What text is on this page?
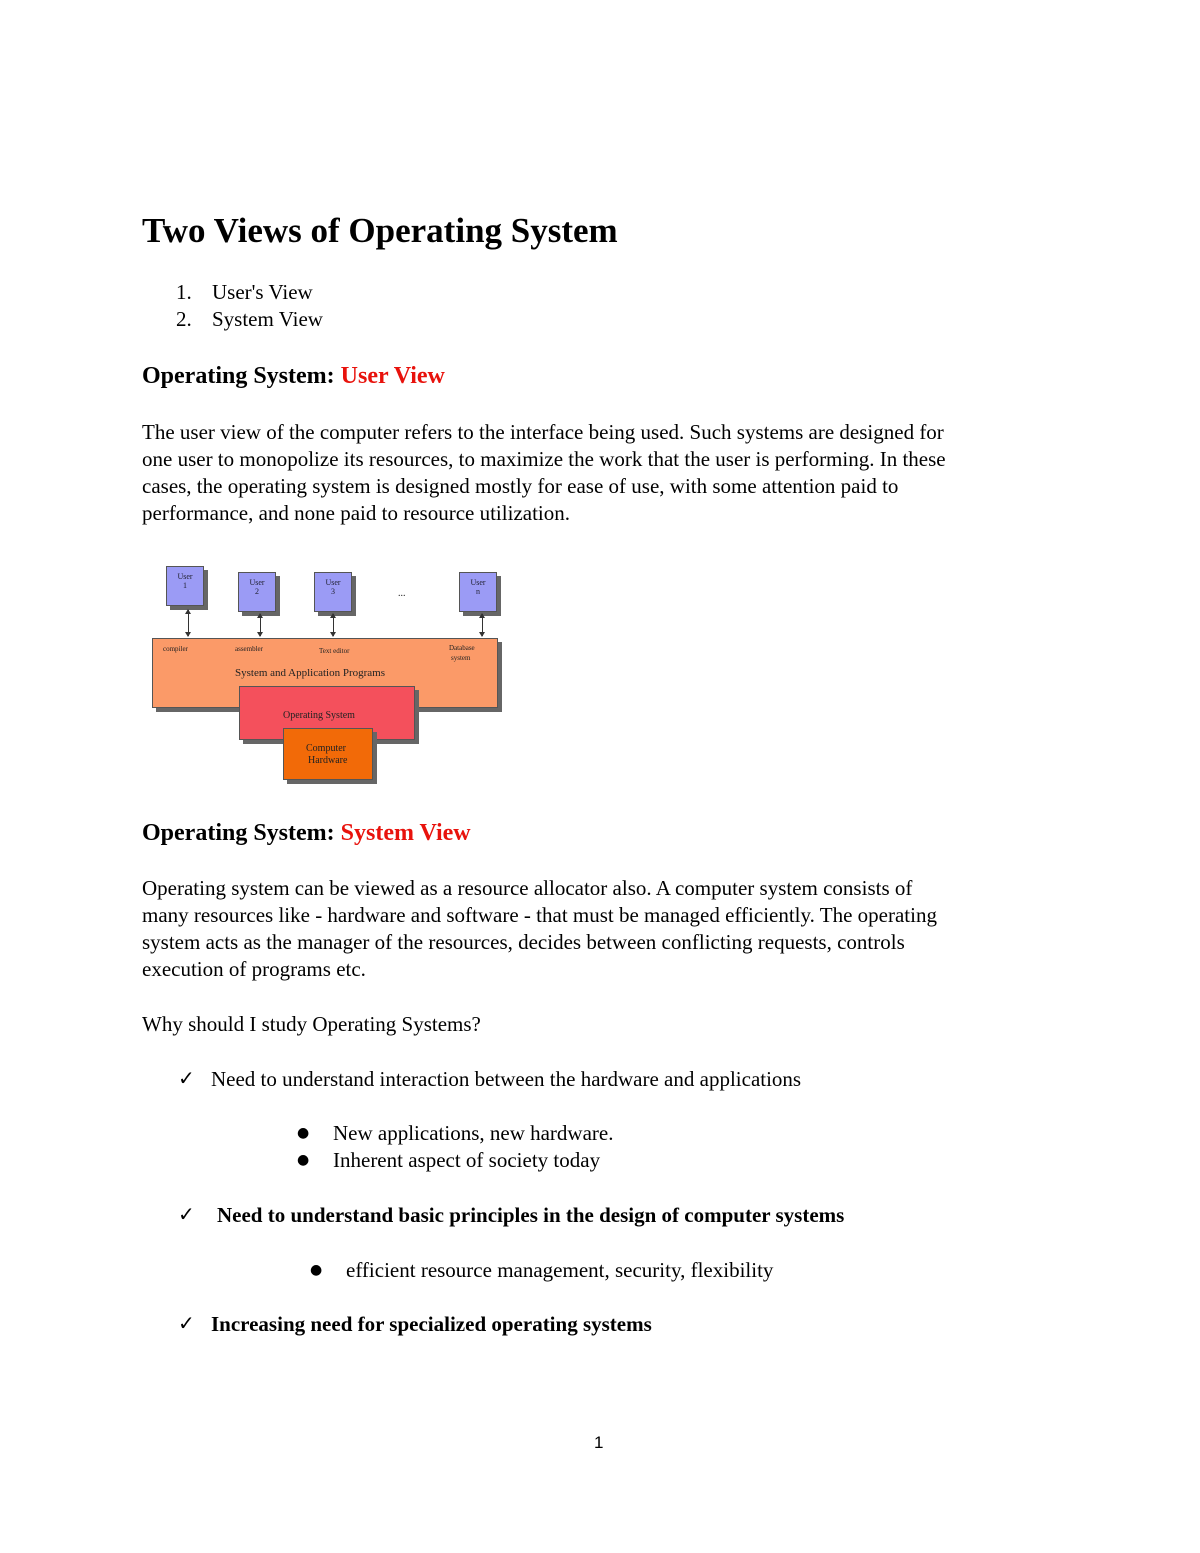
Two Views of Operating System
1. User's View
2. System View
Operating System: User View

The user view of the computer refers to the interface being used. Such systems are designed for
one user to monopolize its resources, to maximize the work that the user is performing. In these
cases, the operating system is designed mostly for ease of use, with some attention paid to
performance, and none paid to resource utilization.

User
1	User
2
User
3	...
User
n
compiler	assembler	Text editor	Database
system
System and Application Programs
Operating System
Computer
Hardware
Operating System: System View

Operating system can be viewed as a resource allocator also. A computer system consists of
many resources like - hardware and software - that must be managed efficiently. The operating
system acts as the manager of the resources, decides between conflicting requests, controls
execution of programs etc.

Why should I study Operating Systems?

✓ Need to understand interaction between the hardware and applications

● New applications, new hardware.

● Inherent aspect of society today

✓ Need to understand basic principles in the design of computer systems

● efficient resource management, security, flexibility

✓ Increasing need for specialized operating systems

1
